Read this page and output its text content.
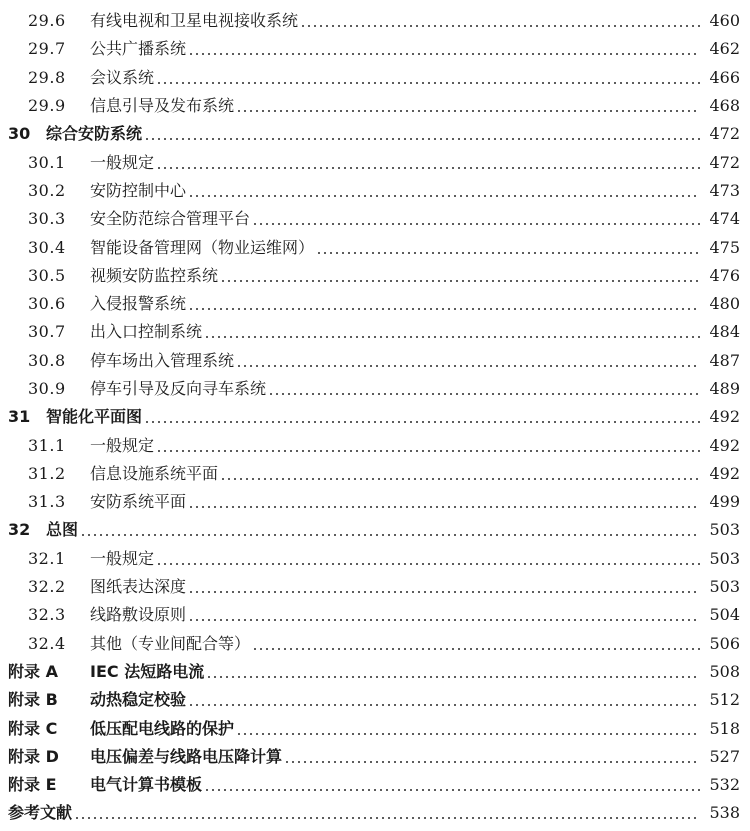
29.6	有线电视和卫星电视接收系统	460
29.7	公共广播系统	462
29.8	会议系统	466
29.9	信息引导及发布系统	468
30 综合安防系统	472
30.1	一般规定	472
30.2	安防控制中心	473
30.3	安全防范综合管理平台	474
30.4	智能设备管理网（物业运维网）	475
30.5	视频安防监控系统	476
30.6	入侵报警系统	480
30.7	出入口控制系统	484
30.8	停车场出入管理系统	487
30.9	停车引导及反向寻车系统	489
31 智能化平面图	492
31.1	一般规定	492
31.2	信息设施系统平面	492
31.3	安防系统平面	499
32 总图	503
32.1	一般规定	503
32.2	图纸表达深度	503
32.3	线路敷设原则	504
32.4	其他（专业间配合等）	506
附录 A	IEC 法短路电流	508
附录 B	动热稳定校验	512
附录 C	低压配电线路的保护	518
附录 D	电压偏差与线路电压降计算	527
附录 E	电气计算书模板	532
参考文献	538
